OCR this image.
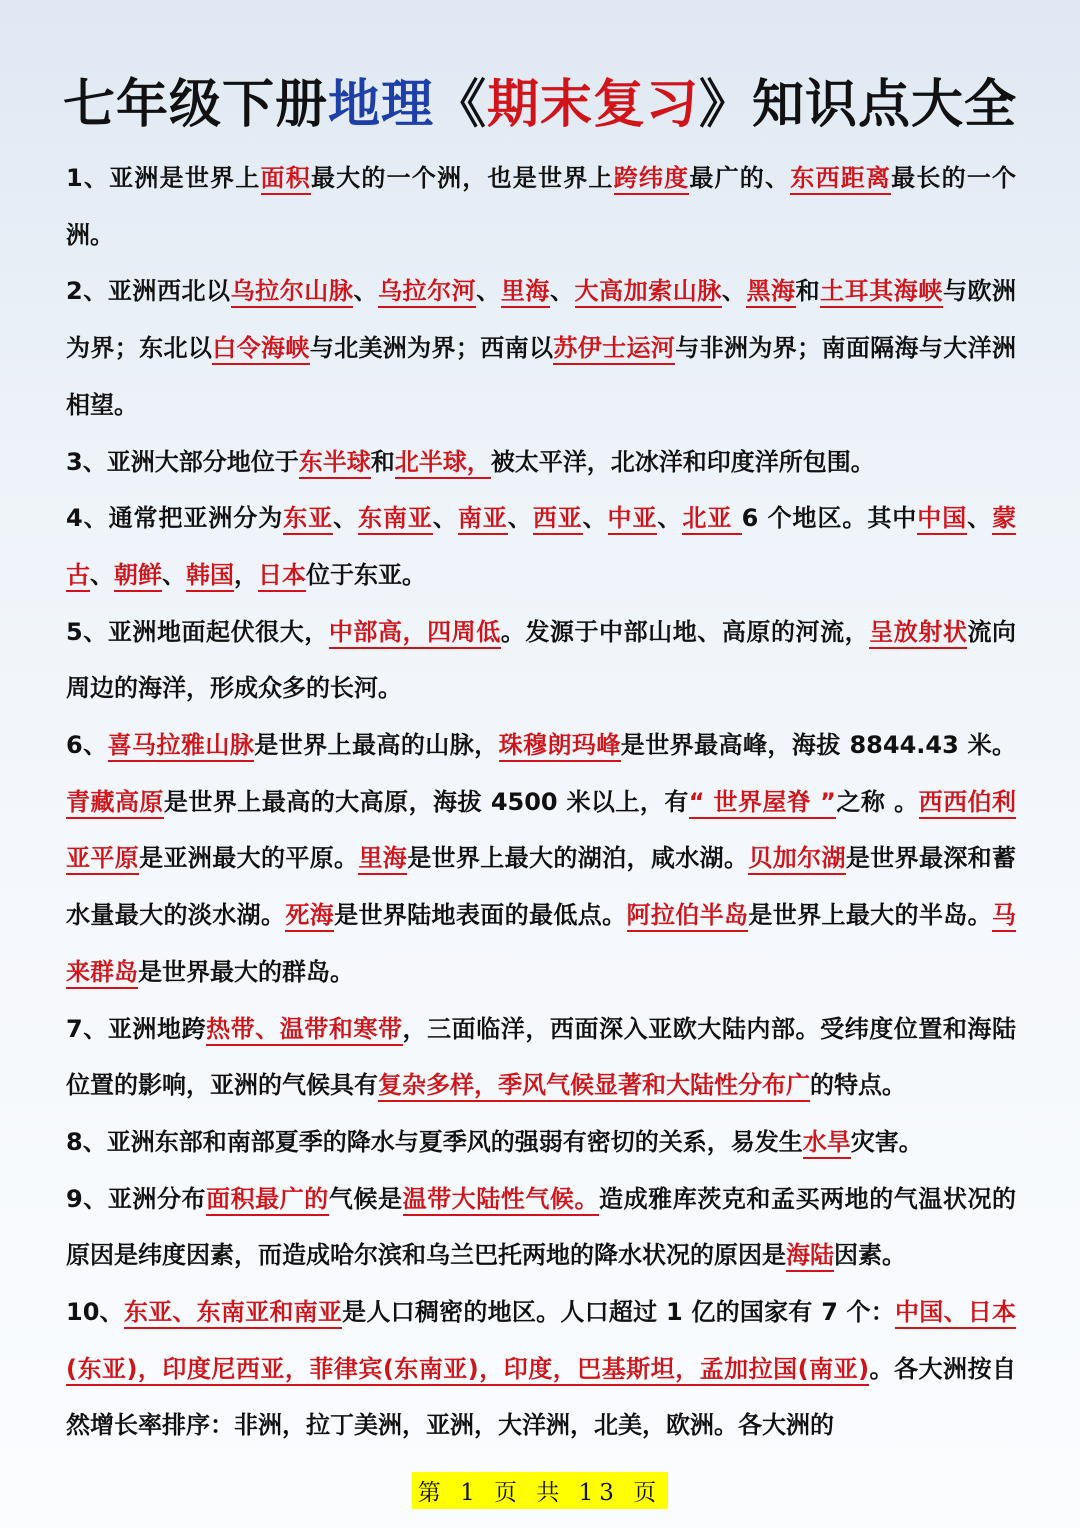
七年级下册地理《期末复习》知识点大全

1、亚洲是世界上面积最大的一个洲，也是世界上跨纬度最广的、东西距离最长的一个洲。

2、亚洲西北以乌拉尔山脉、乌拉尔河、里海、大高加索山脉、黑海和土耳其海峡与欧洲为界；东北以白令海峡与北美洲为界；西南以苏伊士运河与非洲为界；南面隔海与大洋洲相望。

3、亚洲大部分地位于东半球和北半球，被太平洋，北冰洋和印度洋所包围。

4、通常把亚洲分为东亚、东南亚、南亚、西亚、中亚、北亚 6 个地区。其中中国、蒙古、朝鲜、韩国，日本位于东亚。

5、亚洲地面起伏很大，中部高，四周低。发源于中部山地、高原的河流，呈放射状流向周边的海洋，形成众多的长河。

6、喜马拉雅山脉是世界上最高的山脉，珠穆朗玛峰是世界最高峰，海拔 8844.43 米。青藏高原是世界上最高的大高原，海拔 4500 米以上，有“ 世界屋脊 ”之称 。西西伯利亚平原是亚洲最大的平原。里海是世界上最大的湖泊，咸水湖。贝加尔湖是世界最深和蓄水量最大的淡水湖。死海是世界陆地表面的最低点。阿拉伯半岛是世界上最大的半岛。马来群岛是世界最大的群岛。

7、亚洲地跨热带、温带和寒带，三面临洋，西面深入亚欧大陆内部。受纬度位置和海陆位置的影响，亚洲的气候具有复杂多样，季风气候显著和大陆性分布广的特点。

8、亚洲东部和南部夏季的降水与夏季风的强弱有密切的关系，易发生水旱灾害。

9、亚洲分布面积最广的气候是温带大陆性气候。造成雅库茨克和孟买两地的气温状况的原因是纬度因素，而造成哈尔滨和乌兰巴托两地的降水状况的原因是海陆因素。

10、东亚、东南亚和南亚是人口稠密的地区。人口超过 1 亿的国家有 7 个：中国、日本(东亚)，印度尼西亚，菲律宾(东南亚)，印度，巴基斯坦，孟加拉国(南亚)。各大洲按自然增长率排序：非洲，拉丁美洲，亚洲，大洋洲，北美，欧洲。各大洲的

第 1 页 共 13 页
